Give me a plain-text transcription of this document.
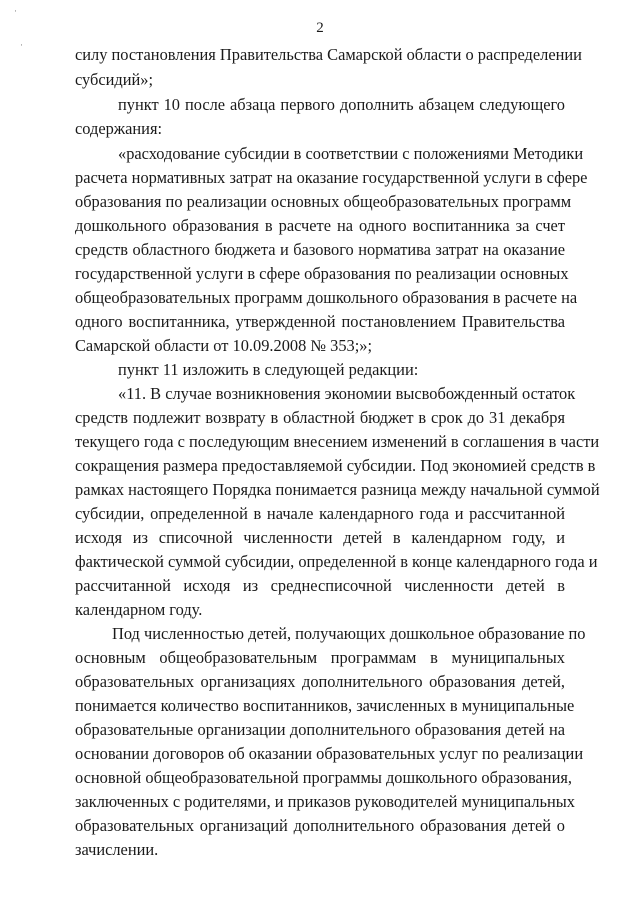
​·
​·
2
силу постановления Правительства Самарской области о распределении
субсидий»;
пункт 10 после абзаца первого дополнить абзацем следующего
содержания:
«расходование субсидии в соответствии с положениями Методики
расчета нормативных затрат на оказание государственной услуги в сфере
образования по реализации основных общеобразовательных программ
дошкольного образования в расчете на одного воспитанника за счет
средств областного бюджета и базового норматива затрат на оказание
государственной услуги в сфере образования по реализации основных
общеобразовательных программ дошкольного образования в расчете на
одного воспитанника, утвержденной постановлением Правительства
Самарской области от 10.09.2008 № 353;»;
пункт 11 изложить в следующей редакции:
«11. В случае возникновения экономии высвобожденный остаток
средств подлежит возврату в областной бюджет в срок до 31 декабря
текущего года с последующим внесением изменений в соглашения в части
сокращения размера предоставляемой субсидии. Под экономией средств в
рамках настоящего Порядка понимается разница между начальной суммой
субсидии, определенной в начале календарного года и рассчитанной
исходя из списочной численности детей в календарном году, и
фактической суммой субсидии, определенной в конце календарного года и
рассчитанной исходя из среднесписочной численности детей в
календарном году.
Под численностью детей, получающих дошкольное образование по
основным общеобразовательным программам в муниципальных
образовательных организациях дополнительного образования детей,
понимается количество воспитанников, зачисленных в муниципальные
образовательные организации дополнительного образования детей на
основании договоров об оказании образовательных услуг по реализации
основной общеобразовательной программы дошкольного образования,
заключенных с родителями, и приказов руководителей муниципальных
образовательных организаций дополнительного образования детей о
зачислении.
